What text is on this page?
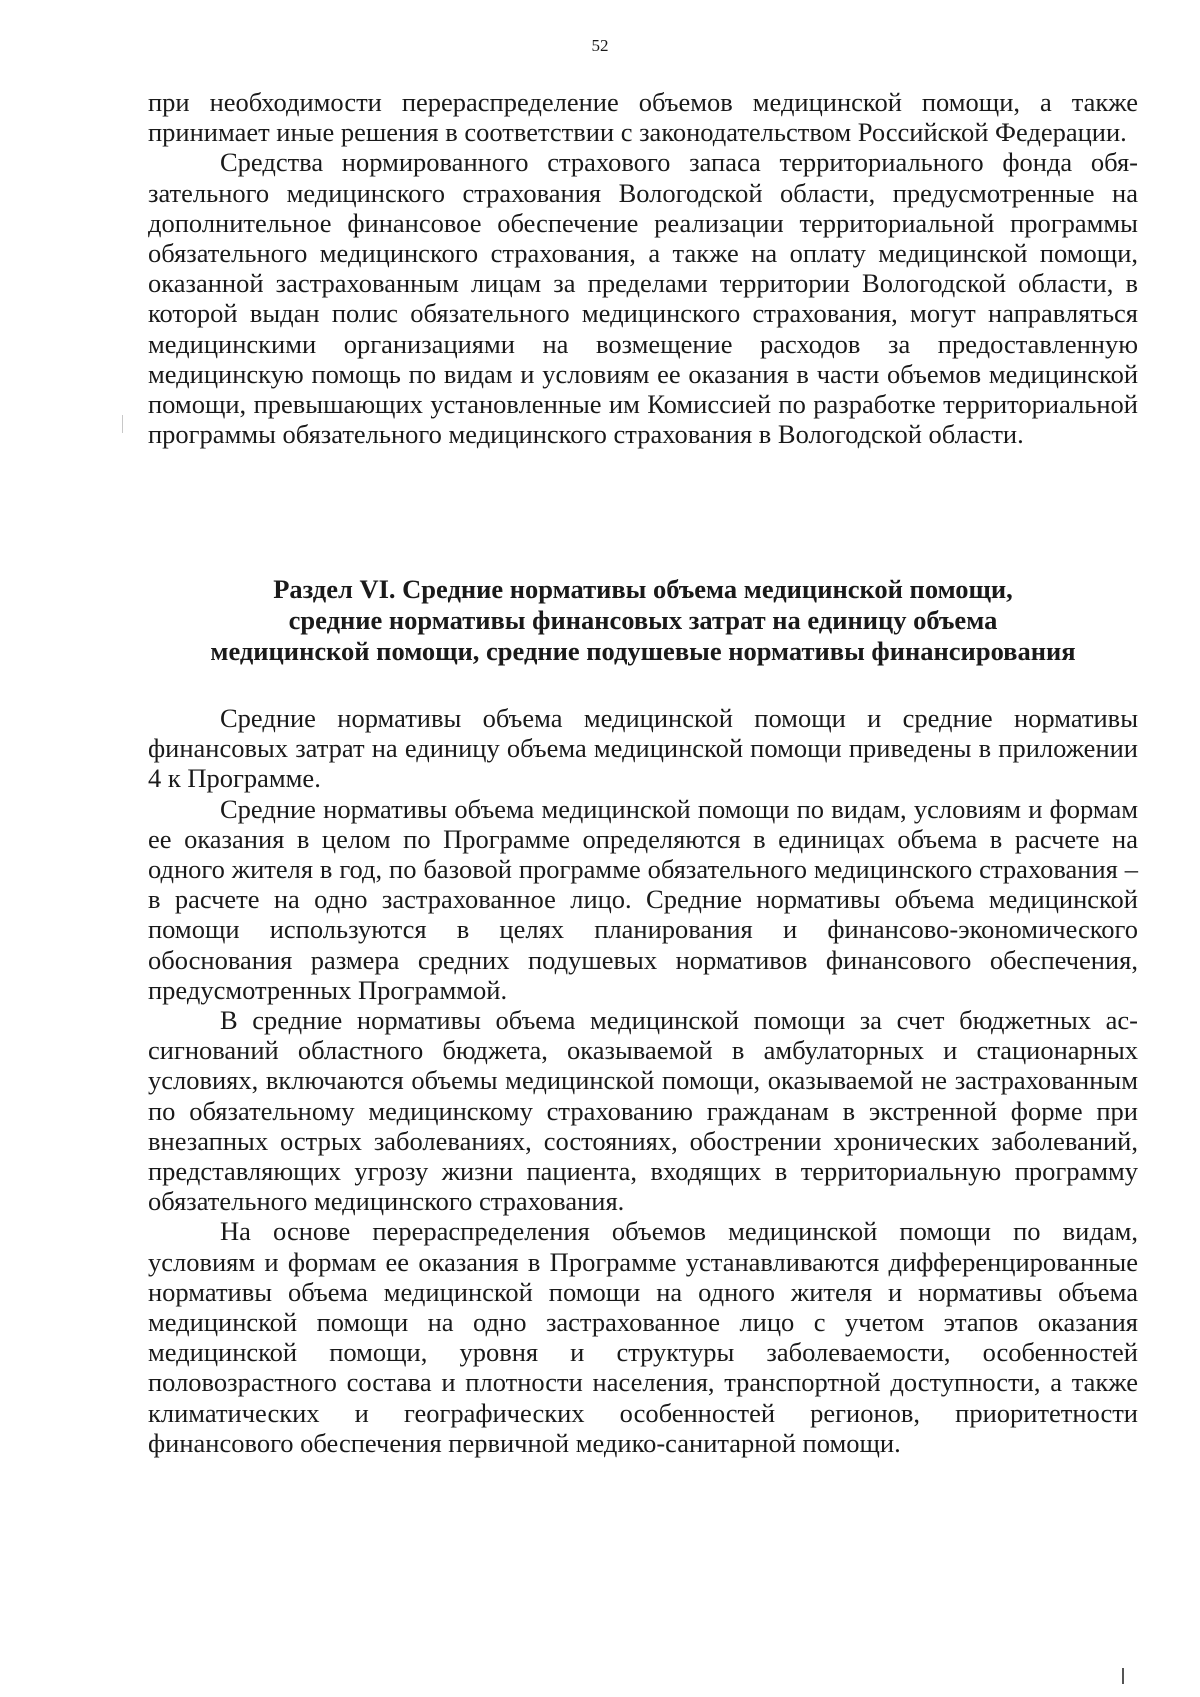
52

при необходимости перераспределение объемов медицинской помощи, а также принимает иные решения в соответствии с законодательством Российской Федерации.

Средства нормированного страхового запаса территориального фонда обязательного медицинского страхования Вологодской области, предусмотренные на дополнительное финансовое обеспечение реализации территориальной программы обязательного медицинского страхования, а также на оплату медицинской помощи, оказанной застрахованным лицам за пределами территории Вологодской области, в которой выдан полис обязательного медицинского страхования, могут направляться медицинскими организациями на возмещение расходов за предоставленную медицинскую помощь по видам и условиям ее оказания в части объемов медицинской помощи, превышающих установленные им Комиссией по разработке территориальной программы обязательного медицинского страхования в Вологодской области.

Раздел VI. Средние нормативы объема медицинской помощи,
средние нормативы финансовых затрат на единицу объема
медицинской помощи, средние подушевые нормативы финансирования

Средние нормативы объема медицинской помощи и средние нормативы финансовых затрат на единицу объема медицинской помощи приведены в приложении 4 к Программе.

Средние нормативы объема медицинской помощи по видам, условиям и формам ее оказания в целом по Программе определяются в единицах объема в расчете на одного жителя в год, по базовой программе обязательного медицинского страхования – в расчете на одно застрахованное лицо. Средние нормативы объема медицинской помощи используются в целях планирования и финансово-экономического обоснования размера средних подушевых нормативов финансового обеспечения, предусмотренных Программой.

В средние нормативы объема медицинской помощи за счет бюджетных ассигнований областного бюджета, оказываемой в амбулаторных и стационарных условиях, включаются объемы медицинской помощи, оказываемой не застрахованным по обязательному медицинскому страхованию гражданам в экстренной форме при внезапных острых заболеваниях, состояниях, обострении хронических заболеваний, представляющих угрозу жизни пациента, входящих в территориальную программу обязательного медицинского страхования.

На основе перераспределения объемов медицинской помощи по видам, условиям и формам ее оказания в Программе устанавливаются дифференцированные нормативы объема медицинской помощи на одного жителя и нормативы объема медицинской помощи на одно застрахованное лицо с учетом этапов оказания медицинской помощи, уровня и структуры заболеваемости, особенностей половозрастного состава и плотности населения, транспортной доступности, а также климатических и географических особенностей регионов, приоритетности финансового обеспечения первичной медико-санитарной помощи.
